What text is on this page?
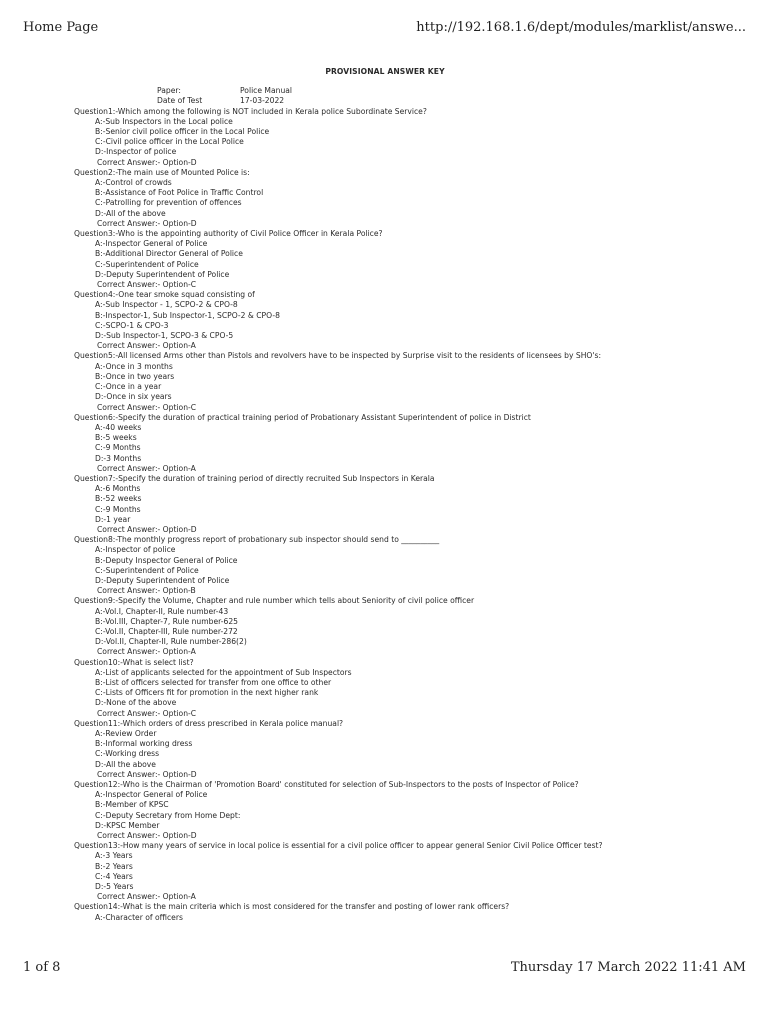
Home Page	http://192.168.1.6/dept/modules/marklist/answe...
PROVISIONAL ANSWER KEY
Paper:	Police Manual
Date of Test	17-03-2022
Question1:-Which among the following is NOT included in Kerala police Subordinate Service?
A:-Sub Inspectors in the Local police
B:-Senior civil police officer in the Local Police
C:-Civil police officer in the Local Police
D:-Inspector of police
Correct Answer:- Option-D
Question2:-The main use of Mounted Police is:
A:-Control of crowds
B:-Assistance of Foot Police in Traffic Control
C:-Patrolling for prevention of offences
D:-All of the above
Correct Answer:- Option-D
Question3:-Who is the appointing authority of Civil Police Officer in Kerala Police?
A:-Inspector General of Police
B:-Additional Director General of Police
C:-Superintendent of Police
D:-Deputy Superintendent of Police
Correct Answer:- Option-C
Question4:-One tear smoke squad consisting of
A:-Sub Inspector - 1, SCPO-2 & CPO-8
B:-Inspector-1, Sub Inspector-1, SCPO-2 & CPO-8
C:-SCPO-1 & CPO-3
D:-Sub Inspector-1, SCPO-3 & CPO-5
Correct Answer:- Option-A
Question5:-All licensed Arms other than Pistols and revolvers have to be inspected by Surprise visit to the residents of licensees by SHO's:
A:-Once in 3 months
B:-Once in two years
C:-Once in a year
D:-Once in six years
Correct Answer:- Option-C
Question6:-Specify the duration of practical training period of Probationary Assistant Superintendent of police in District
A:-40 weeks
B:-5 weeks
C:-9 Months
D:-3 Months
Correct Answer:- Option-A
Question7:-Specify the duration of training period of directly recruited Sub Inspectors in Kerala
A:-6 Months
B:-52 weeks
C:-9 Months
D:-1 year
Correct Answer:- Option-D
Question8:-The monthly progress report of probationary sub inspector should send to __________
A:-Inspector of police
B:-Deputy Inspector General of Police
C:-Superintendent of Police
D:-Deputy Superintendent of Police
Correct Answer:- Option-B
Question9:-Specify the Volume, Chapter and rule number which tells about Seniority of civil police officer
A:-Vol.I, Chapter-II, Rule number-43
B:-Vol.III, Chapter-7, Rule number-625
C:-Vol.II, Chapter-III, Rule number-272
D:-Vol.II, Chapter-II, Rule number-286(2)
Correct Answer:- Option-A
Question10:-What is select list?
A:-List of applicants selected for the appointment of Sub Inspectors
B:-List of officers selected for transfer from one office to other
C:-Lists of Officers fit for promotion in the next higher rank
D:-None of the above
Correct Answer:- Option-C
Question11:-Which orders of dress prescribed in Kerala police manual?
A:-Review Order
B:-Informal working dress
C:-Working dress
D:-All the above
Correct Answer:- Option-D
Question12:-Who is the Chairman of 'Promotion Board' constituted for selection of Sub-Inspectors to the posts of Inspector of Police?
A:-Inspector General of Police
B:-Member of KPSC
C:-Deputy Secretary from Home Dept:
D:-KPSC Member
Correct Answer:- Option-D
Question13:-How many years of service in local police is essential for a civil police officer to appear general Senior Civil Police Officer test?
A:-3 Years
B:-2 Years
C:-4 Years
D:-5 Years
Correct Answer:- Option-A
Question14:-What is the main criteria which is most considered for the transfer and posting of lower rank officers?
A:-Character of officers
1 of 8	Thursday 17 March 2022 11:41 AM
